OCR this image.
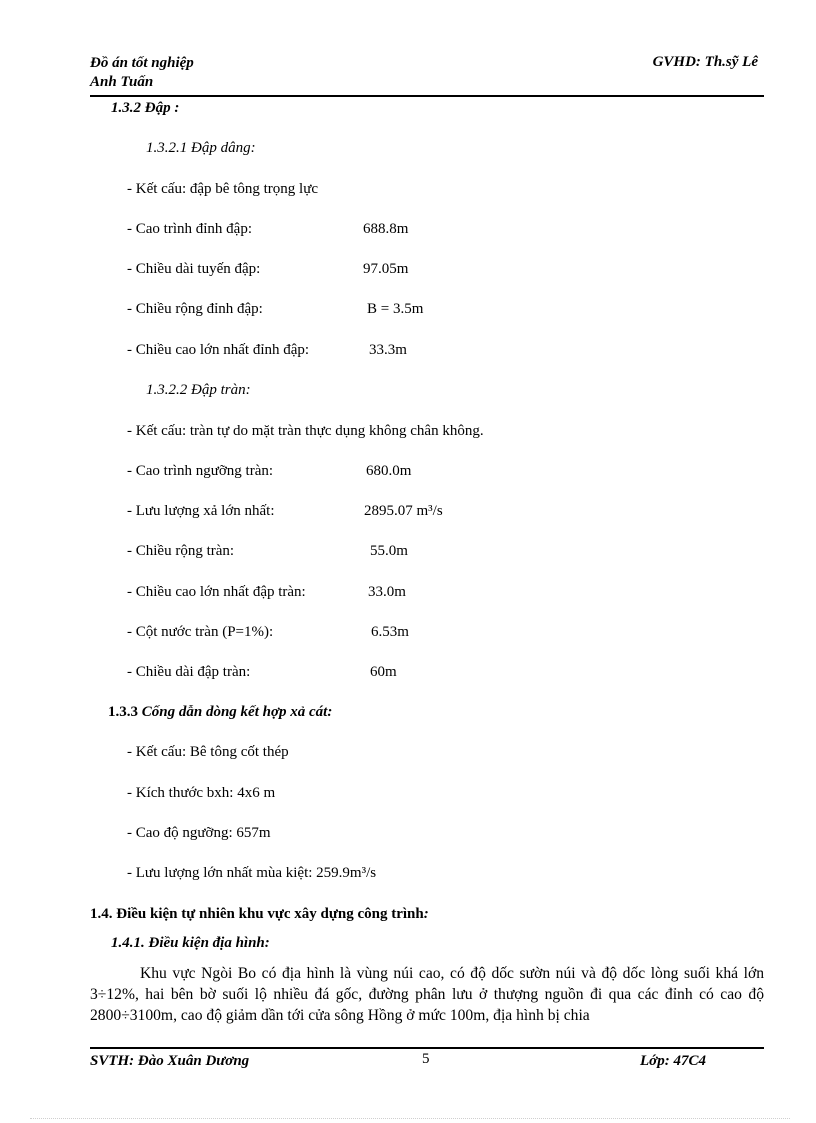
Đồ án tốt nghiệp
Anh Tuấn
GVHD: Th.sỹ Lê
1.3.2 Đập :
1.3.2.1 Đập dâng:
- Kết cấu: đập bê tông trọng lực
- Cao trình đỉnh đập:	688.8m
- Chiều dài tuyến đập:	97.05m
- Chiều rộng đỉnh đập:	B = 3.5m
- Chiều cao lớn nhất đỉnh đập:	33.3m
1.3.2.2 Đập tràn:
- Kết cấu: tràn tự do mặt tràn thực dụng không chân không.
- Cao trình ngưỡng tràn:	680.0m
- Lưu lượng xả lớn nhất:	2895.07 m³/s
- Chiều rộng tràn:	55.0m
- Chiều cao lớn nhất đập tràn:	33.0m
- Cột nước tràn (P=1%):	6.53m
- Chiều dài đập tràn:	60m
1.3.3 Cống dẫn dòng kết hợp xả cát:
- Kết cấu: Bê tông cốt thép
- Kích thước bxh: 4x6 m
- Cao độ ngưỡng: 657m
- Lưu lượng lớn nhất mùa kiệt: 259.9m³/s
1.4. Điều kiện tự nhiên khu vực xây dựng công trình:
1.4.1. Điều kiện địa hình:
Khu vực Ngòi Bo có địa hình là vùng núi cao, có độ dốc sườn núi và độ dốc lòng suối khá lớn 3÷12%, hai bên bờ suối lộ nhiều đá gốc, đường phân lưu ở thượng nguồn đi qua các đỉnh có cao độ 2800÷3100m, cao độ giảm dần tới cửa sông Hồng ở mức 100m, địa hình bị chia
SVTH: Đào Xuân Dương	5	Lớp: 47C4
